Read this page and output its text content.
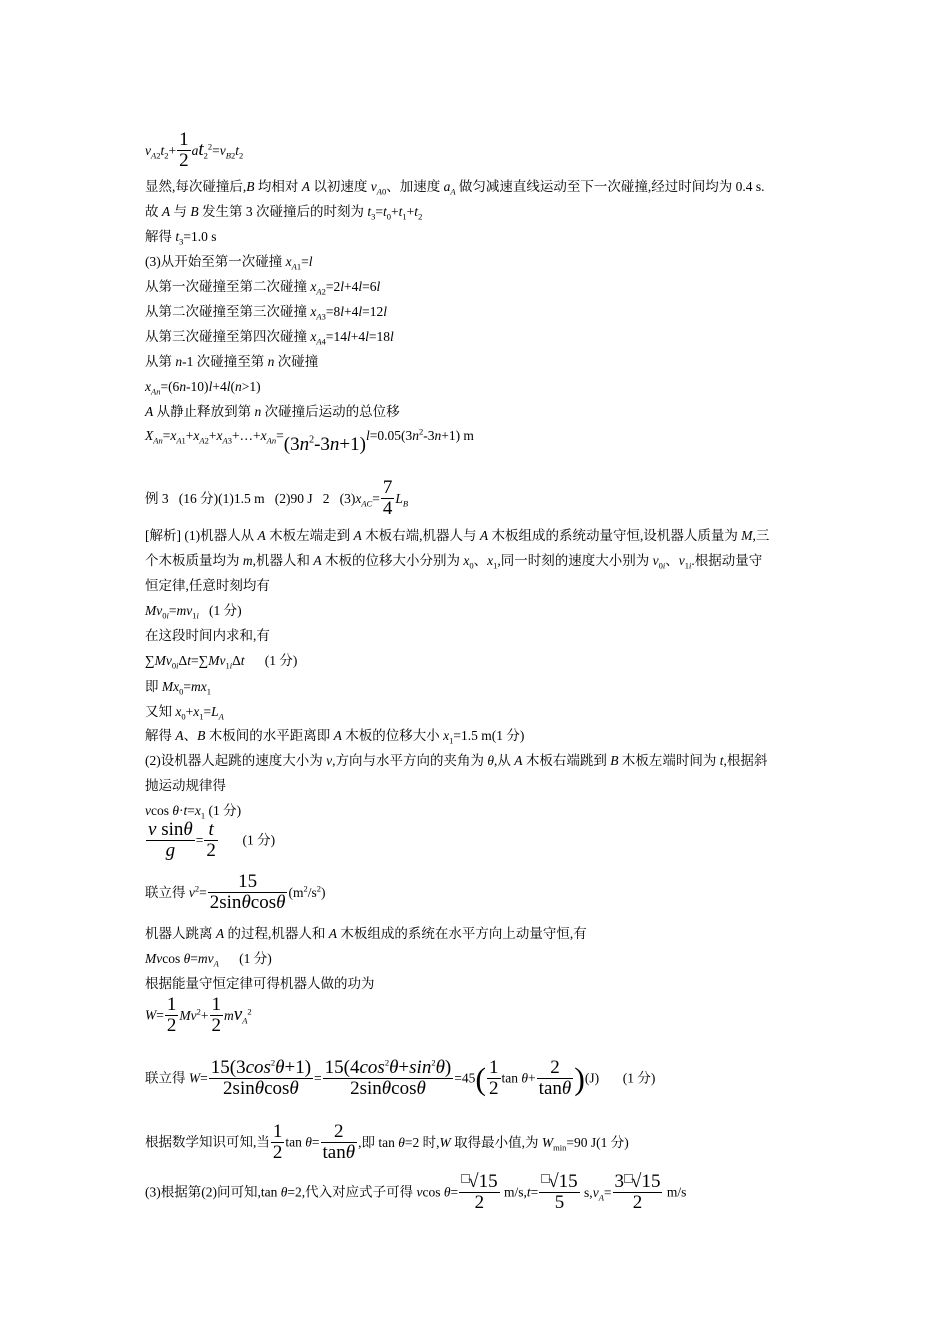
$v_{A2}t_2+ \frac{1}{2} at_2^2=v_{B2}t_2$
显然,每次碰撞后,B 均相对 A 以初速度 $v_{A0}$、加速度 $a_A$ 做匀减速直线运动至下一次碰撞,经过时间均为 0.4 s.
故 A 与 B 发生第 3 次碰撞后的时刻为 $t_3=t_0+t_1+t_2$
解得 $t_3=1.0$ s
(3)从开始至第一次碰撞 $x_{A1}=l$
从第一次碰撞至第二次碰撞 $x_{A2}=2l+4l=6l$
从第二次碰撞至第三次碰撞 $x_{A3}=8l+4l=12l$
从第三次碰撞至第四次碰撞 $x_{A4}=14l+4l=18l$
从第 n-1 次碰撞至第 n 次碰撞
$x_{An}=(6n-10)l+4l(n>1)$
A 从静止释放到第 n 次碰撞后运动的总位移
$X_{An}=x_{A1}+x_{A2}+x_{A3}+\dots+x_{An}=(3n^2-3n+1)l=0.05(3n^2-3n+1)$ m
例 3   (16 分)(1)1.5 m   (2)90 J   2   $(3)x_{AC}= \frac{7}{4} L_B$
[解析] (1)机器人从 A 木板左端走到 A 木板右端,机器人与 A 木板组成的系统动量守恒,设机器人质量为 M,三
个木板质量均为 m,机器人和 A 木板的位移大小分别为 $x_0$、$x_1$,同一时刻的速度大小别为 $v_{0i}$、$v_{1i}$.根据动量守
恒定律,任意时刻均有
$Mv_{0i}=mv_{1i}$   (1 分)
在这段时间内求和,有
$\sum Mv_{0i}\Delta t=\sum Mv_{1i}\Delta t$      (1 分)
即 $Mx_0=mx_1$
又知 $x_0+x_1=L_A$
解得 A、B 木板间的水平距离即 A 木板的位移大小 $x_1=1.5$ m(1 分)
(2)设机器人起跳的速度大小为 v,方向与水平方向的夹角为 θ,从 A 木板右端跳到 B 木板左端时间为 t,根据斜
抛运动规律得
vcos $\theta\cdot t=x_1$ (1 分)
$\frac{\text{v sinθ}}{g} = \frac{t}{2} (1$ 分)
联立得 $v^2= \frac{15}{2\sin\theta\cos\theta} (m^2/s^2)$
机器人跳离 A 的过程,机器人和 A 木板组成的系统在水平方向上动量守恒,有
Mvcos $\theta=mv_A$      (1 分)
根据能量守恒定律可得机器人做的功为
$W= \frac{1}{2} Mv^2+ \frac{1}{2} mv_A^2$
联立得 $W= \frac{15(3\cos^2\theta+1)}{2\sin\theta\cos\theta} = \frac{15(4\cos^2\theta+\sin^2\theta)}{2\sin\theta\cos\theta} =45( \frac{1}{2}$ $\tan \theta+ \frac{2}{\tan\theta} )(J)$       (1 分)
根据数学知识可知,当 $\frac{1}{2}$ $\tan \theta= \frac{2}{\tan\theta}$ ,即 tan θ=2 时,W 取得最小值,为 $W_{min}=90$ J(1 分)
(3)根据第(2)问可知,tan θ=2,代入对应式子可得 vcos $\theta= \frac{√15}{2} m/s,t= \frac{√15}{5} s,v_A= \frac{3 √15}{2} m/s$
